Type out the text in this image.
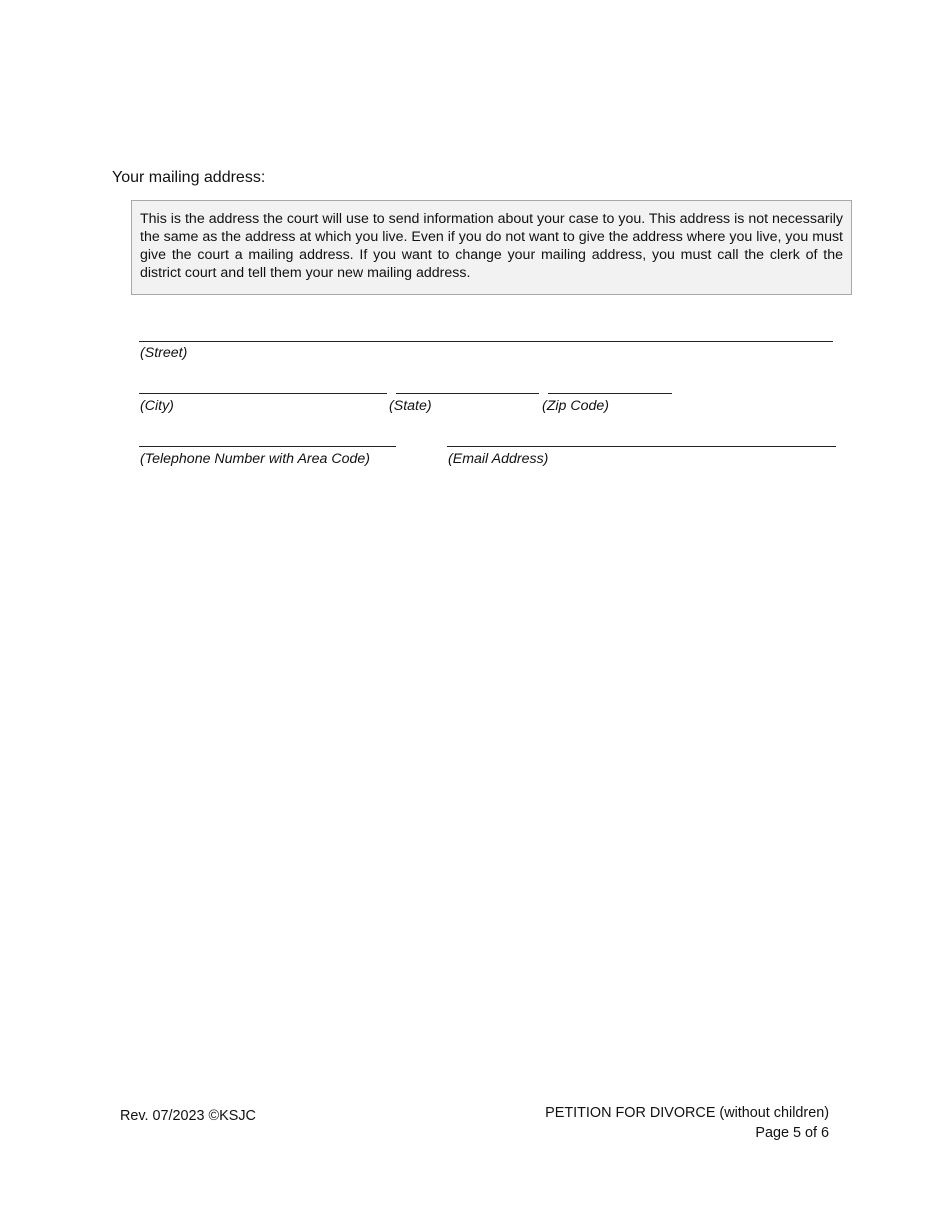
Your mailing address:
This is the address the court will use to send information about your case to you. This address is not necessarily the same as the address at which you live. Even if you do not want to give the address where you live, you must give the court a mailing address. If you want to change your mailing address, you must call the clerk of the district court and tell them your new mailing address.
(Street)
(City)	(State)	(Zip Code)
(Telephone Number with Area Code)	(Email Address)
Rev. 07/2023 ©KSJC	PETITION FOR DIVORCE (without children)
Page 5 of 6
